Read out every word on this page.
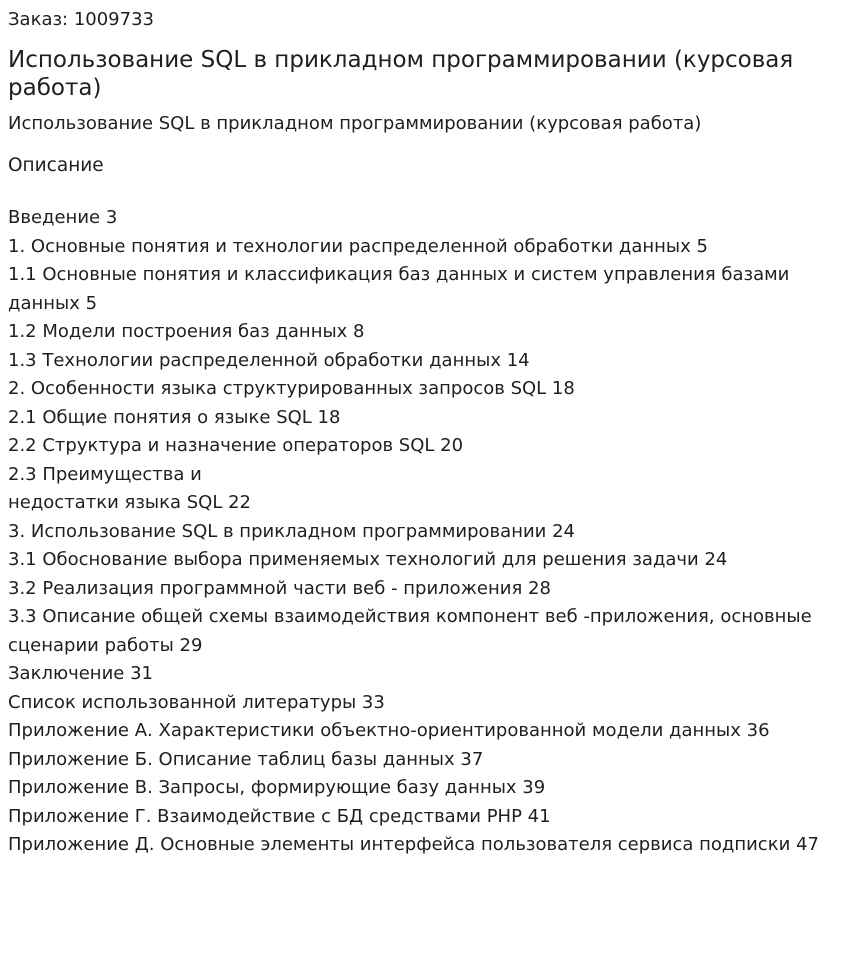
Заказ: 1009733
Использование SQL в прикладном программировании (курсовая работа)
Использование SQL в прикладном программировании (курсовая работа)
Описание
Введение 3
1. Основные понятия и технологии распределенной обработки данных 5
1.1 Основные понятия и классификация баз данных и систем управления базами данных 5
1.2 Модели построения баз данных 8
1.3 Технологии распределенной обработки данных 14
2. Особенности языка структурированных запросов SQL 18
2.1 Общие понятия о языке SQL 18
2.2 Структура и назначение операторов SQL 20
2.3 Преимущества и
недостатки языка SQL 22
3. Использование SQL в прикладном программировании 24
3.1 Обоснование выбора применяемых технологий для решения задачи 24
3.2 Реализация программной части веб - приложения 28
3.3 Описание общей схемы взаимодействия компонент веб -приложения, основные сценарии работы 29
Заключение 31
Список использованной литературы 33
Приложение А. Характеристики объектно-ориентированной модели данных 36
Приложение Б. Описание таблиц базы данных 37
Приложение В. Запросы, формирующие базу данных 39
Приложение Г. Взаимодействие с БД средствами PHP 41
Приложение Д. Основные элементы интерфейса пользователя сервиса подписки 47
